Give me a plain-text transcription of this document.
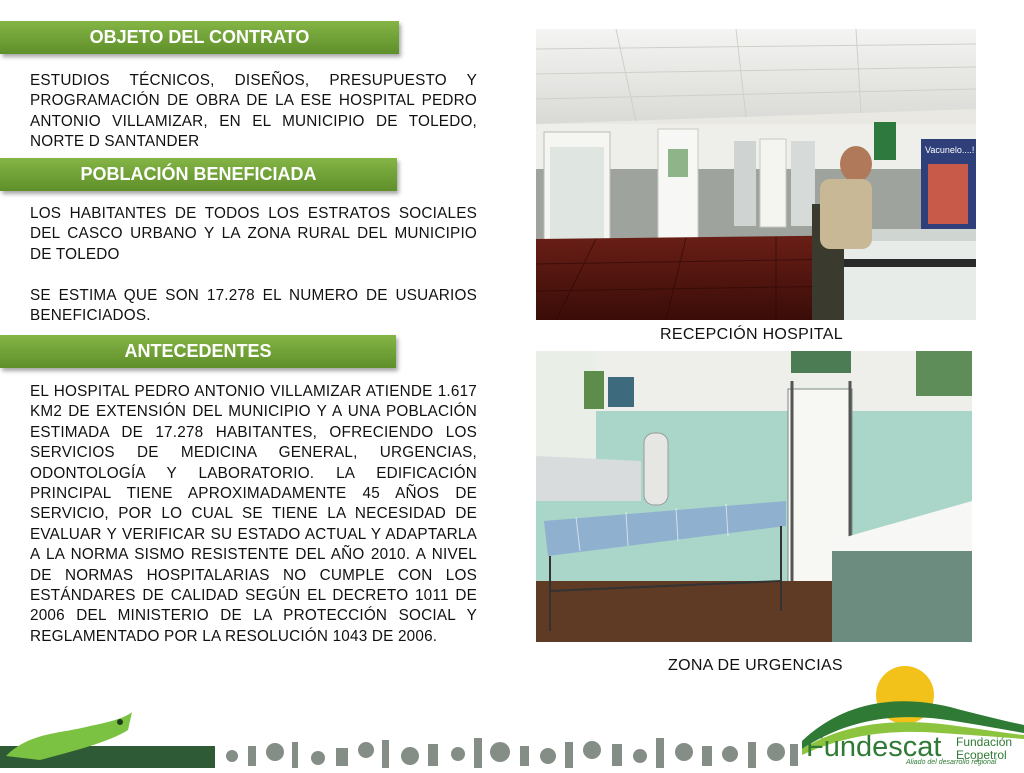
OBJETO DEL CONTRATO
ESTUDIOS TÉCNICOS, DISEÑOS, PRESUPUESTO Y PROGRAMACIÓN DE OBRA DE LA ESE HOSPITAL PEDRO ANTONIO VILLAMIZAR, EN EL MUNICIPIO DE TOLEDO, NORTE D SANTANDER
POBLACIÓN BENEFICIADA
LOS HABITANTES DE TODOS LOS ESTRATOS SOCIALES DEL CASCO URBANO Y LA ZONA RURAL DEL MUNICIPIO DE TOLEDO
SE ESTIMA QUE SON 17.278 EL NUMERO DE USUARIOS BENEFICIADOS.
ANTECEDENTES
EL HOSPITAL PEDRO ANTONIO VILLAMIZAR ATIENDE 1.617 KM2 DE EXTENSIÓN DEL MUNICIPIO Y A UNA POBLACIÓN ESTIMADA DE 17.278 HABITANTES, OFRECIENDO LOS SERVICIOS DE MEDICINA GENERAL, URGENCIAS, ODONTOLOGÍA Y LABORATORIO. LA EDIFICACIÓN PRINCIPAL TIENE APROXIMADAMENTE 45 AÑOS DE SERVICIO, POR LO CUAL SE TIENE LA NECESIDAD DE EVALUAR Y VERIFICAR SU ESTADO ACTUAL Y ADAPTARLA A LA NORMA SISMO RESISTENTE DEL AÑO 2010. A NIVEL DE NORMAS HOSPITALARIAS NO CUMPLE CON LOS ESTÁNDARES DE CALIDAD SEGÚN EL DECRETO 1011 DE 2006 DEL MINISTERIO DE LA PROTECCIÓN SOCIAL Y REGLAMENTADO POR LA RESOLUCIÓN 1043 DE 2006.
Vacunelo....!
RECEPCIÓN HOSPITAL
ZONA DE URGENCIAS
Fundescat Fundación
Ecopetrol
Aliado del desarrollo regional
